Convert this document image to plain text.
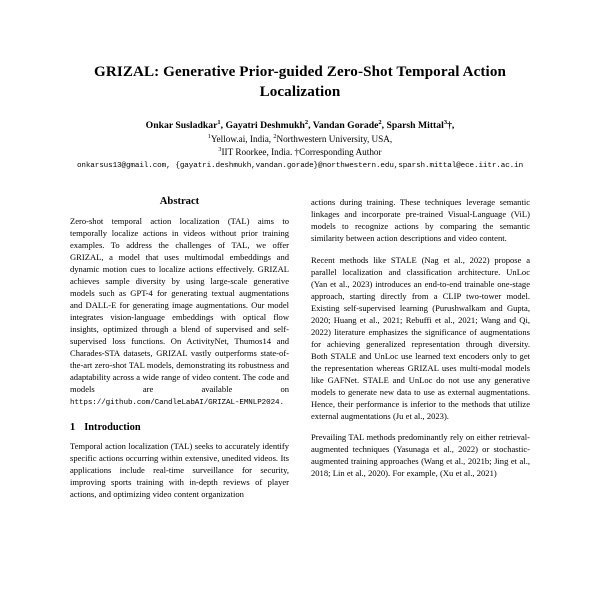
GRIZAL: Generative Prior-guided Zero-Shot Temporal Action Localization
Onkar Susladkar$^1$, Gayatri Deshmukh$^2$, Vandan Gorade$^2$, Sparsh Mittal$^3$†,
$^1$Yellow.ai, India, $^2$Northwestern University, USA,
$^3$IIT Roorkee, India. †Corresponding Author
onkarsus13@gmail.com, {gayatri.deshmukh,vandan.gorade}@northwestern.edu,sparsh.mittal@ece.iitr.ac.in
Abstract

Zero-shot temporal action localization (TAL) aims to temporally localize actions in videos without prior training examples. To address the challenges of TAL, we offer GRIZAL, a model that uses multimodal embeddings and dynamic motion cues to localize actions effectively. GRIZAL achieves sample diversity by using large-scale generative models such as GPT-4 for generating textual augmentations and DALL-E for generating image augmentations. Our model integrates vision-language embeddings with optical flow insights, optimized through a blend of supervised and self-supervised loss functions. On ActivityNet, Thumos14 and Charades-STA datasets, GRIZAL vastly outperforms state-of-the-art zero-shot TAL models, demonstrating its robustness and adaptability across a wide range of video content. The code and models are available on https://github.com/CandleLabAI/GRIZAL-EMNLP2024.

1 Introduction

Temporal action localization (TAL) seeks to accurately identify specific actions occurring within extensive, unedited videos. Its applications include real-time surveillance for security, improving sports training with in-depth reviews of player actions, and optimizing video content organization

actions during training. These techniques leverage semantic linkages and incorporate pre-trained Visual-Language (ViL) models to recognize actions by comparing the semantic similarity between action descriptions and video content.

Recent methods like STALE (Nag et al., 2022) propose a parallel localization and classification architecture. UnLoc (Yan et al., 2023) introduces an end-to-end trainable one-stage approach, starting directly from a CLIP two-tower model. Existing self-supervised learning (Purushwalkam and Gupta, 2020; Huang et al., 2021; Rebuffi et al., 2021; Wang and Qi, 2022) literature emphasizes the significance of augmentations for achieving generalized representation through diversity. Both STALE and UnLoc use learned text encoders only to get the representation whereas GRIZAL uses multi-modal models like GAFNet. STALE and UnLoc do not use any generative models to generate new data to use as external augmentations. Hence, their performance is inferior to the methods that utilize external augmentations (Ju et al., 2023).

Prevailing TAL methods predominantly rely on either retrieval-augmented techniques (Yasunaga et al., 2022) or stochastic-augmented training approaches (Wang et al., 2021b; Jing et al., 2018; Lin et al., 2020). For example, (Xu et al., 2021)
